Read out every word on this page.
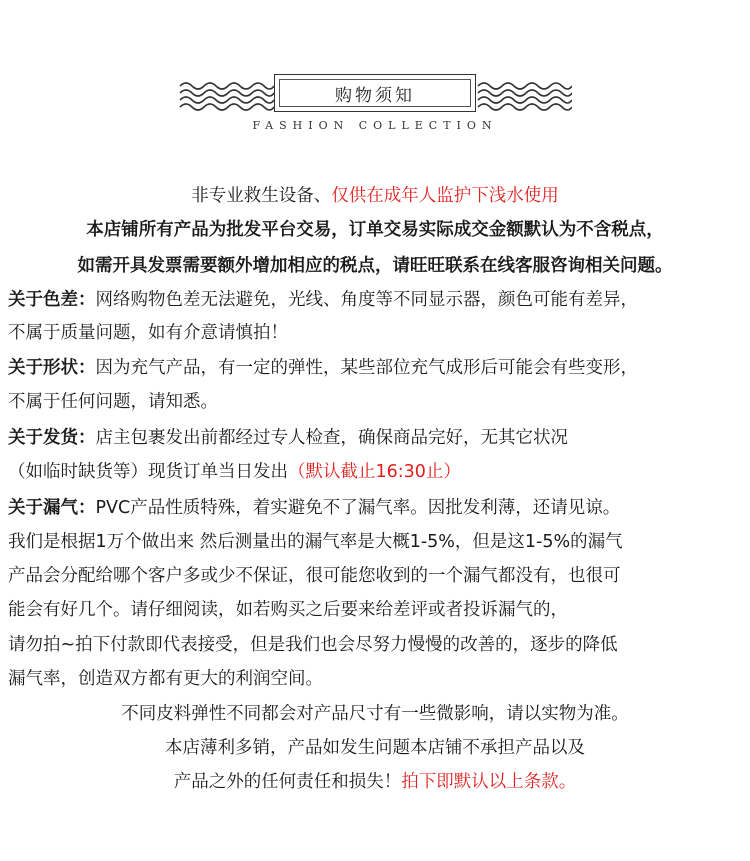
购物须知
FASHION COLLECTION
非专业救生设备、仅供在成年人监护下浅水使用
本店铺所有产品为批发平台交易，订单交易实际成交金额默认为不含税点，
如需开具发票需要额外增加相应的税点，请旺旺联系在线客服咨询相关问题。
关于色差：网络购物色差无法避免，光线、角度等不同显示器，颜色可能有差异，
不属于质量问题，如有介意请慎拍！
关于形状：因为充气产品，有一定的弹性，某些部位充气成形后可能会有些变形，
不属于任何问题，请知悉。
关于发货：店主包裹发出前都经过专人检查，确保商品完好，无其它状况
（如临时缺货等）现货订单当日发出（默认截止16:30止）
关于漏气：PVC产品性质特殊，着实避免不了漏气率。因批发利薄，还请见谅。
我们是根据1万个做出来 然后测量出的漏气率是大概1-5%，但是这1-5%的漏气
产品会分配给哪个客户多或少不保证，很可能您收到的一个漏气都没有，也很可
能会有好几个。请仔细阅读，如若购买之后要来给差评或者投诉漏气的，
请勿拍~拍下付款即代表接受，但是我们也会尽努力慢慢的改善的，逐步的降低
漏气率，创造双方都有更大的利润空间。
不同皮料弹性不同都会对产品尺寸有一些微影响，请以实物为准。
本店薄利多销，产品如发生问题本店铺不承担产品以及
产品之外的任何责任和损失！拍下即默认以上条款。
